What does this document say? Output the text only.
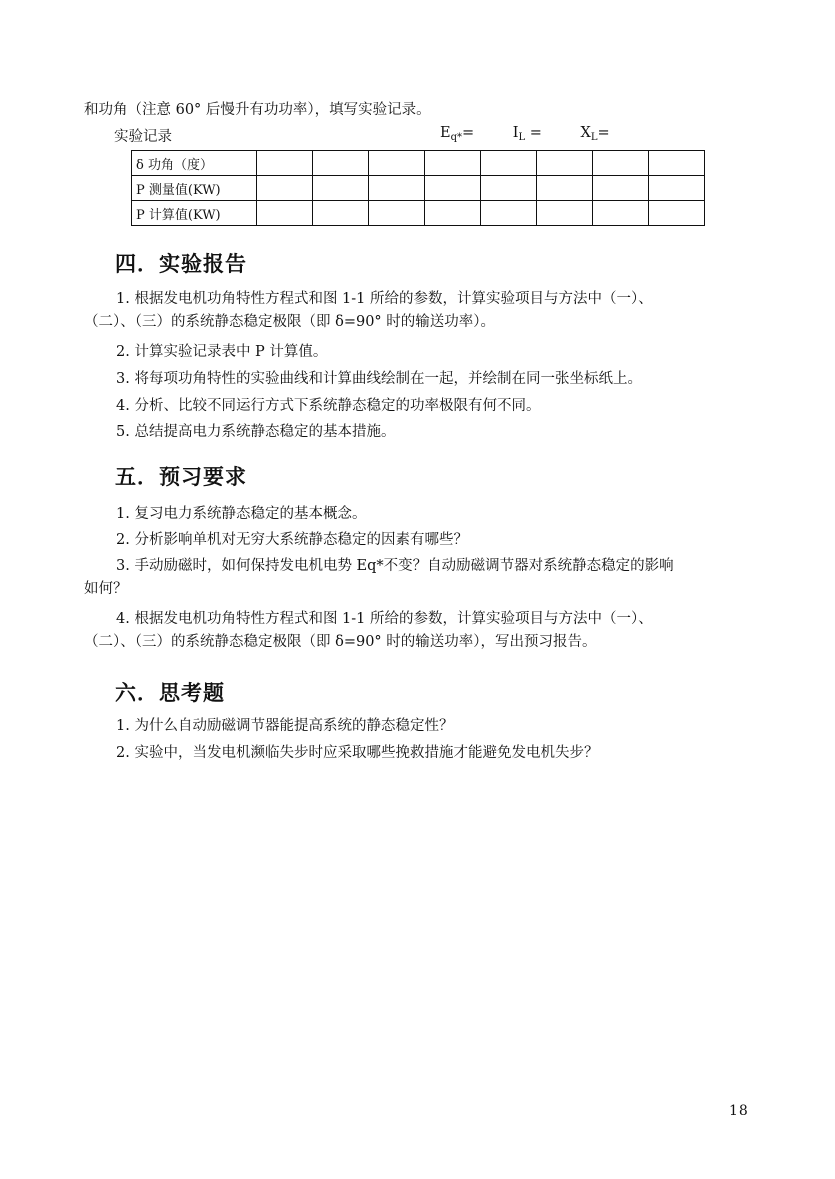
和功角（注意 60° 后慢升有功功率），填写实验记录。
实验记录	$E_{q*}=$	$I_L$ =	$X_L=$
δ 功角（度）								
P 测量值(KW)								
P 计算值(KW)								
四．实验报告
1. 根据发电机功角特性方程式和图 1-1 所给的参数，计算实验项目与方法中（一）、
（二）、（三）的系统静态稳定极限（即 δ=90° 时的输送功率）。
2. 计算实验记录表中 P 计算值。
3. 将每项功角特性的实验曲线和计算曲线绘制在一起，并绘制在同一张坐标纸上。
4. 分析、比较不同运行方式下系统静态稳定的功率极限有何不同。
5. 总结提高电力系统静态稳定的基本措施。
五．预习要求
1. 复习电力系统静态稳定的基本概念。
2. 分析影响单机对无穷大系统静态稳定的因素有哪些？
3. 手动励磁时，如何保持发电机电势 Eq*不变？自动励磁调节器对系统静态稳定的影响
如何？
4. 根据发电机功角特性方程式和图 1-1 所给的参数，计算实验项目与方法中（一）、
（二）、（三）的系统静态稳定极限（即 δ=90° 时的输送功率），写出预习报告。
六．思考题
1. 为什么自动励磁调节器能提高系统的静态稳定性？
2. 实验中，当发电机濒临失步时应采取哪些挽救措施才能避免发电机失步？
18
